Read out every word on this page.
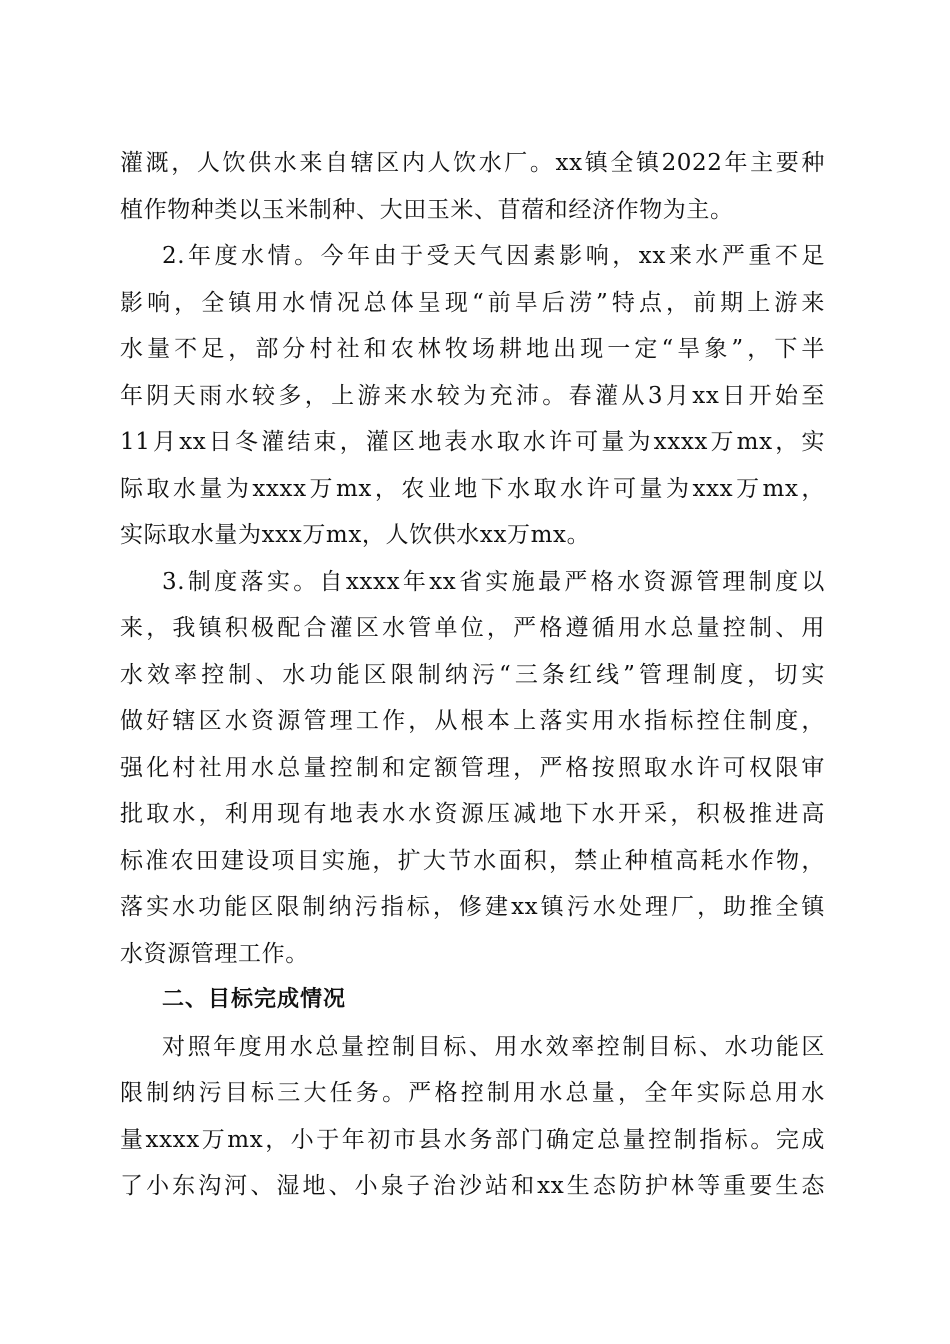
灌溉，人饮供水来自辖区内人饮水厂。xx镇全镇2022年主要种
植作物种类以玉米制种、大田玉米、苜蓿和经济作物为主。
2.年度水情。今年由于受天气因素影响，xx来水严重不足
影响，全镇用水情况总体呈现“前旱后涝”特点，前期上游来
水量不足，部分村社和农林牧场耕地出现一定“旱象”，下半
年阴天雨水较多，上游来水较为充沛。春灌从3月xx日开始至
11月xx日冬灌结束，灌区地表水取水许可量为xxxx万mx，实
际取水量为xxxx万mx，农业地下水取水许可量为xxx万mx，
实际取水量为xxx万mx，人饮供水xx万mx。
3.制度落实。自xxxx年xx省实施最严格水资源管理制度以
来，我镇积极配合灌区水管单位，严格遵循用水总量控制、用
水效率控制、水功能区限制纳污“三条红线”管理制度，切实
做好辖区水资源管理工作，从根本上落实用水指标控住制度，
强化村社用水总量控制和定额管理，严格按照取水许可权限审
批取水，利用现有地表水水资源压减地下水开采，积极推进高
标准农田建设项目实施，扩大节水面积，禁止种植高耗水作物，
落实水功能区限制纳污指标，修建xx镇污水处理厂，助推全镇
水资源管理工作。
二、目标完成情况
对照年度用水总量控制目标、用水效率控制目标、水功能区
限制纳污目标三大任务。严格控制用水总量，全年实际总用水
量xxxx万mx，小于年初市县水务部门确定总量控制指标。完成
了小东沟河、湿地、小泉子治沙站和xx生态防护林等重要生态
